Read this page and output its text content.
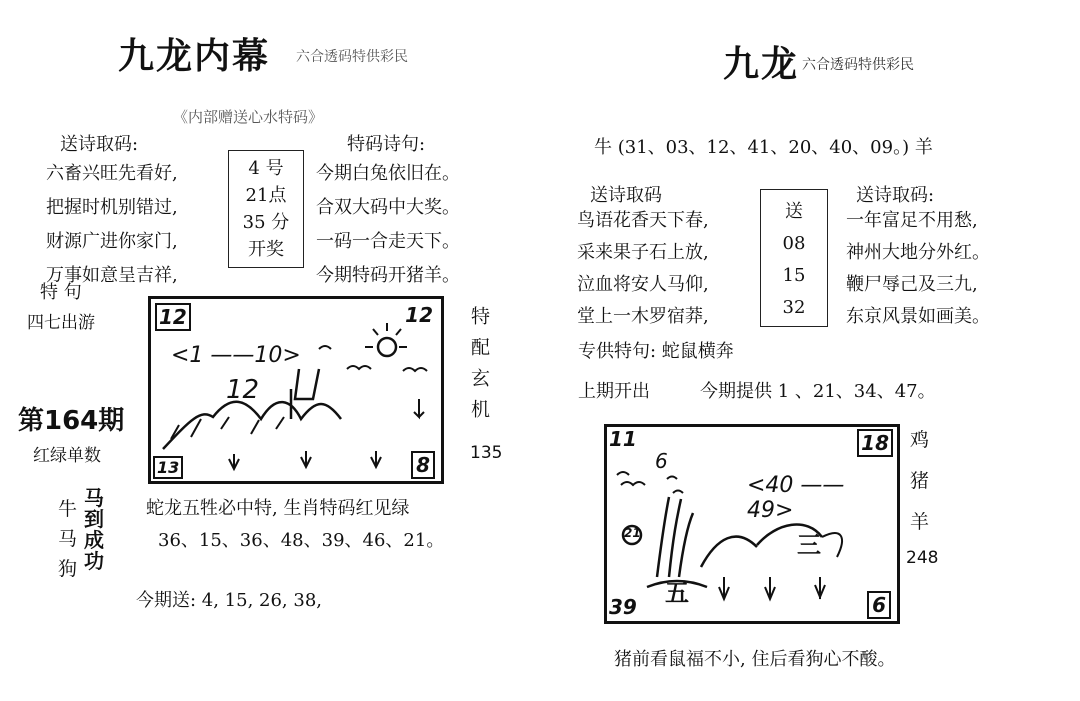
九龙内幕 六合透码特供彩民
《内部赠送心水特码》
送诗取码:	特码诗句:
六畜兴旺先看好,
把握时机别错过,
财源广进你家门,
万事如意呈吉祥,
4 号
21点
35 分
开奖
今期白兔依旧在。
合双大码中大奖。
一码一合走天下。
今期特码开猪羊。
特 句
四七出游
第164期
红绿单数
12	12
13	8
<1 ——10>
12	特配玄机
135
牛
马
狗
马
到
成
功
蛇龙五牲必中特, 生肖特码红见绿
36、15、36、48、39、46、21。
今期送: 4, 15, 26, 38,
九龙 六合透码特供彩民
牛 (31、03、12、41、20、40、09。) 羊
送诗取码	送诗取码:
鸟语花香天下春,
采来果子石上放,
泣血将安人马仰,
堂上一木罗宿莽,
送
08
15
32
一年富足不用愁,
神州大地分外红。
鞭尸辱己及三九,
东京风景如画美。
专供特句: 蛇鼠横奔
上期开出	今期提供 1 、21、34、47。
11	18
39	6
<40 —— 49>
6
21
五
三
鸡
猪
羊
248
猪前看鼠福不小, 住后看狗心不酸。
